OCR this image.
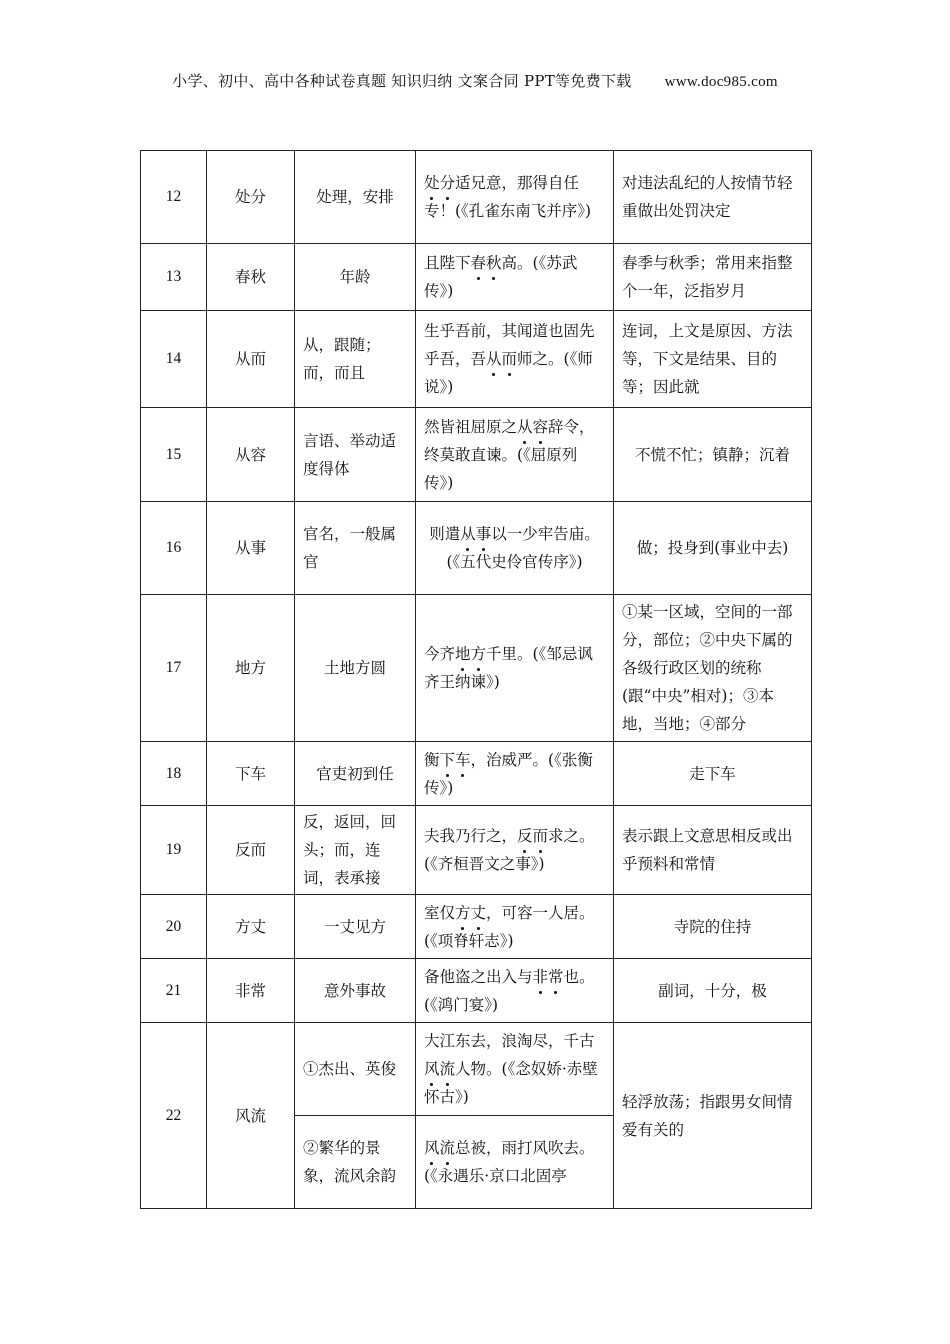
小学、初中、高中各种试卷真题 知识归纳 文案合同 PPT等免费下载 www.doc985.com
12	处分	处理，安排	处分适兄意，那得自任专！(《孔雀东南飞并序》)	对违法乱纪的人按情节轻重做出处罚决定
13	春秋	年龄	且陛下春秋高。(《苏武传》)	春季与秋季；常用来指整个一年，泛指岁月
14	从而	从，跟随；而，而且	生乎吾前，其闻道也固先乎吾，吾从而师之。(《师说》)	连词，上文是原因、方法等，下文是结果、目的等；因此就
15	从容	言语、举动适度得体	然皆祖屈原之从容辞令，终莫敢直谏。(《屈原列传》)	不慌不忙；镇静；沉着
16	从事	官名，一般属官	则遣从事以一少牢告庙。(《五代史伶官传序》)	做；投身到(事业中去)
17	地方	土地方圆	今齐地方千里。(《邹忌讽齐王纳谏》)	①某一区域，空间的一部分，部位；②中央下属的各级行政区划的统称(跟“中央”相对)；③本地，当地；④部分
18	下车	官吏初到任	衡下车，治威严。(《张衡传》)	走下车
19	反而	反，返回，回头；而，连词，表承接	夫我乃行之，反而求之。(《齐桓晋文之事》)	表示跟上文意思相反或出乎预料和常情
20	方丈	一丈见方	室仅方丈，可容一人居。(《项脊轩志》)	寺院的住持
21	非常	意外事故	备他盗之出入与非常也。(《鸿门宴》)	副词，十分，极
22	风流	①杰出、英俊	大江东去，浪淘尽，千古风流人物。(《念奴娇·赤壁怀古》)	轻浮放荡；指跟男女间情爱有关的
		②繁华的景象，流风余韵	风流总被，雨打风吹去。(《永遇乐·京口北固亭	
